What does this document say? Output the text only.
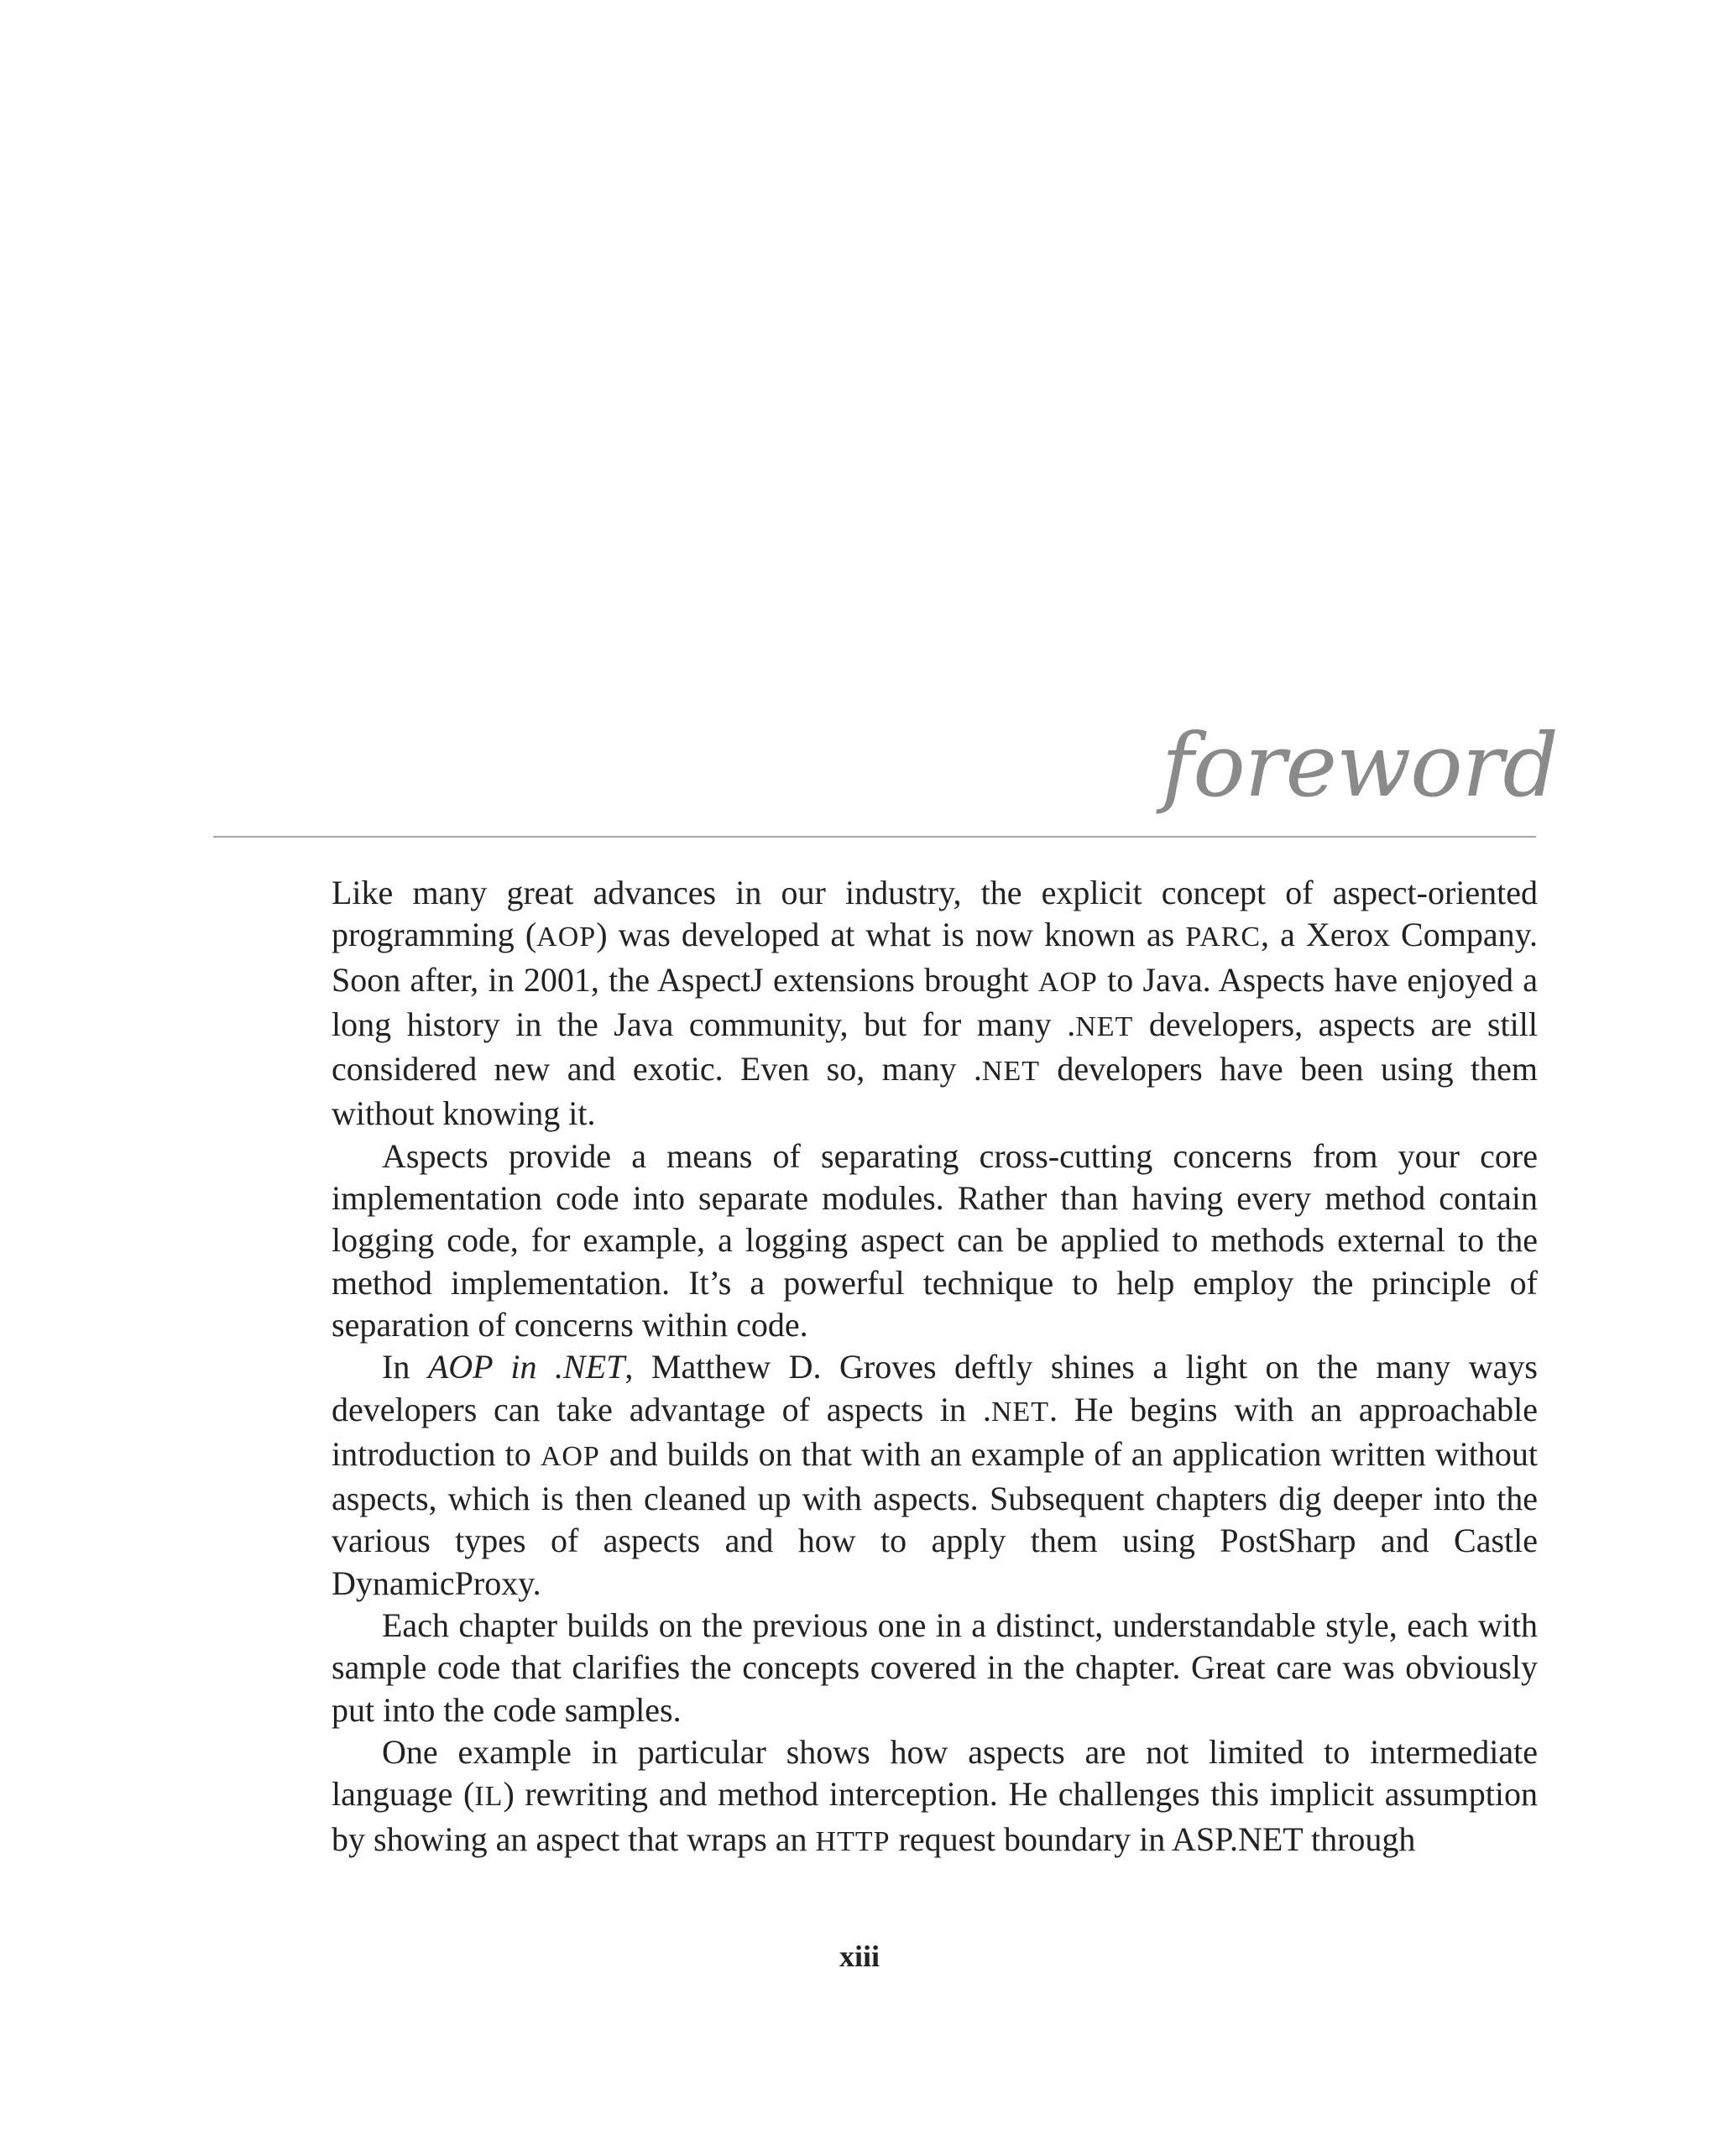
foreword

Like many great advances in our industry, the explicit concept of aspect-oriented programming (AOP) was developed at what is now known as PARC, a Xerox Company. Soon after, in 2001, the AspectJ extensions brought AOP to Java. Aspects have enjoyed a long history in the Java community, but for many .NET developers, aspects are still considered new and exotic. Even so, many .NET developers have been using them without knowing it.

Aspects provide a means of separating cross-cutting concerns from your core implementation code into separate modules. Rather than having every method contain logging code, for example, a logging aspect can be applied to methods external to the method implementation. It’s a powerful technique to help employ the principle of separation of concerns within code.

In AOP in .NET, Matthew D. Groves deftly shines a light on the many ways developers can take advantage of aspects in .NET. He begins with an approachable introduction to AOP and builds on that with an example of an application written without aspects, which is then cleaned up with aspects. Subsequent chapters dig deeper into the various types of aspects and how to apply them using PostSharp and Castle DynamicProxy.

Each chapter builds on the previous one in a distinct, understandable style, each with sample code that clarifies the concepts covered in the chapter. Great care was obviously put into the code samples.

One example in particular shows how aspects are not limited to intermediate language (IL) rewriting and method interception. He challenges this implicit assumption by showing an aspect that wraps an HTTP request boundary in ASP.NET through

xiii
